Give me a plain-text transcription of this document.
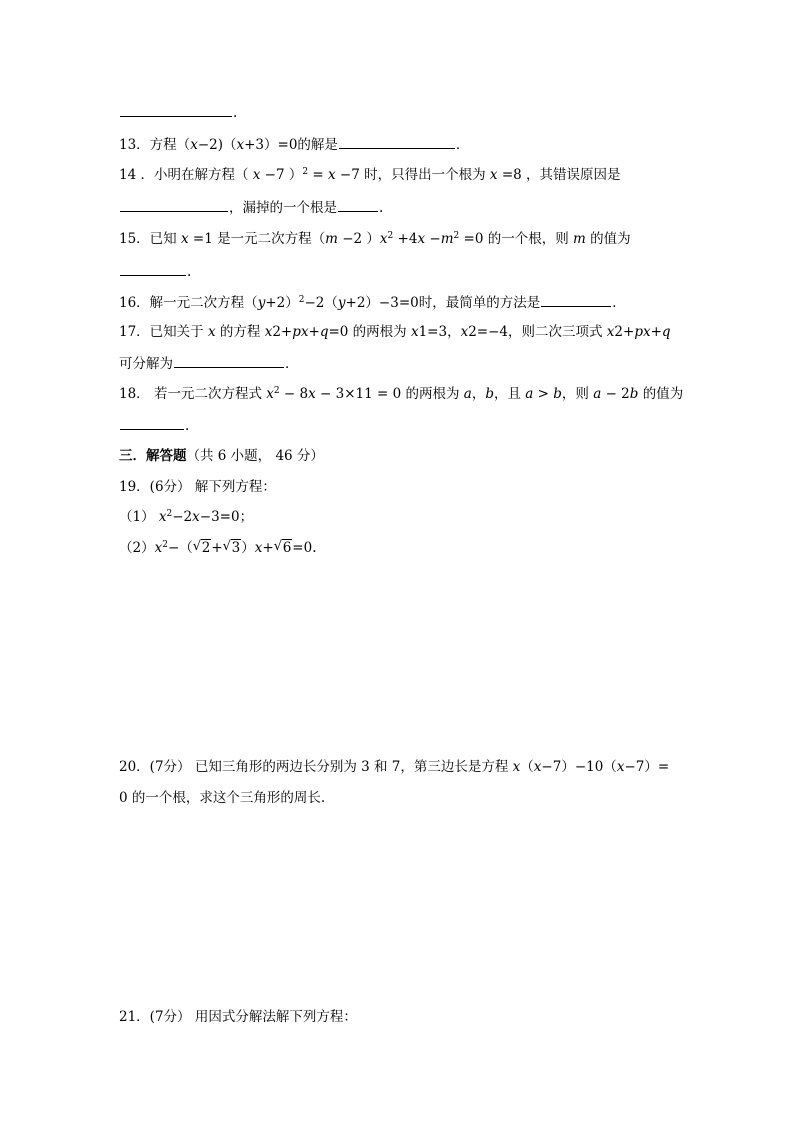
.
13．方程（x−2)（x+3）=0的解是	．
14 ．小明在解方程（ x −7 ）$^2$ = x −7 时，只得出一个根为 x =8 ，其错误原因是
，漏掉的一个根是	.
15．已知 x =1 是一元二次方程（m −2 ）$x^2 +4x -m^2 =0$ 的一个根，则 m 的值为
.
16．解一元二次方程$(y+2)^2-2(y+2)-3=0$时，最简单的方法是	．
17．已知关于 x 的方程 x2+px+q=0 的两根为 x1=3，x2=−4，则二次三项式 x2+px+q
可分解为	．
18． 若一元二次方程式 $x^2 - 8x - 3\times 11 = 0$ 的两根为 a，b，且 a > b，则 a − 2b 的值为
.
三．解答题（共 6 小题， 46 分）
19．(6分） 解下列方程：
（1） $x^2-2x-3=0$；
$(2)x^2-(√$ 2+√ 3）x+√ 6=0.
20．(7分） 已知三角形的两边长分别为 3 和 7，第三边长是方程 x（x−7）−10（x−7）=
0 的一个根，求这个三角形的周长.
21．(7分） 用因式分解法解下列方程：
